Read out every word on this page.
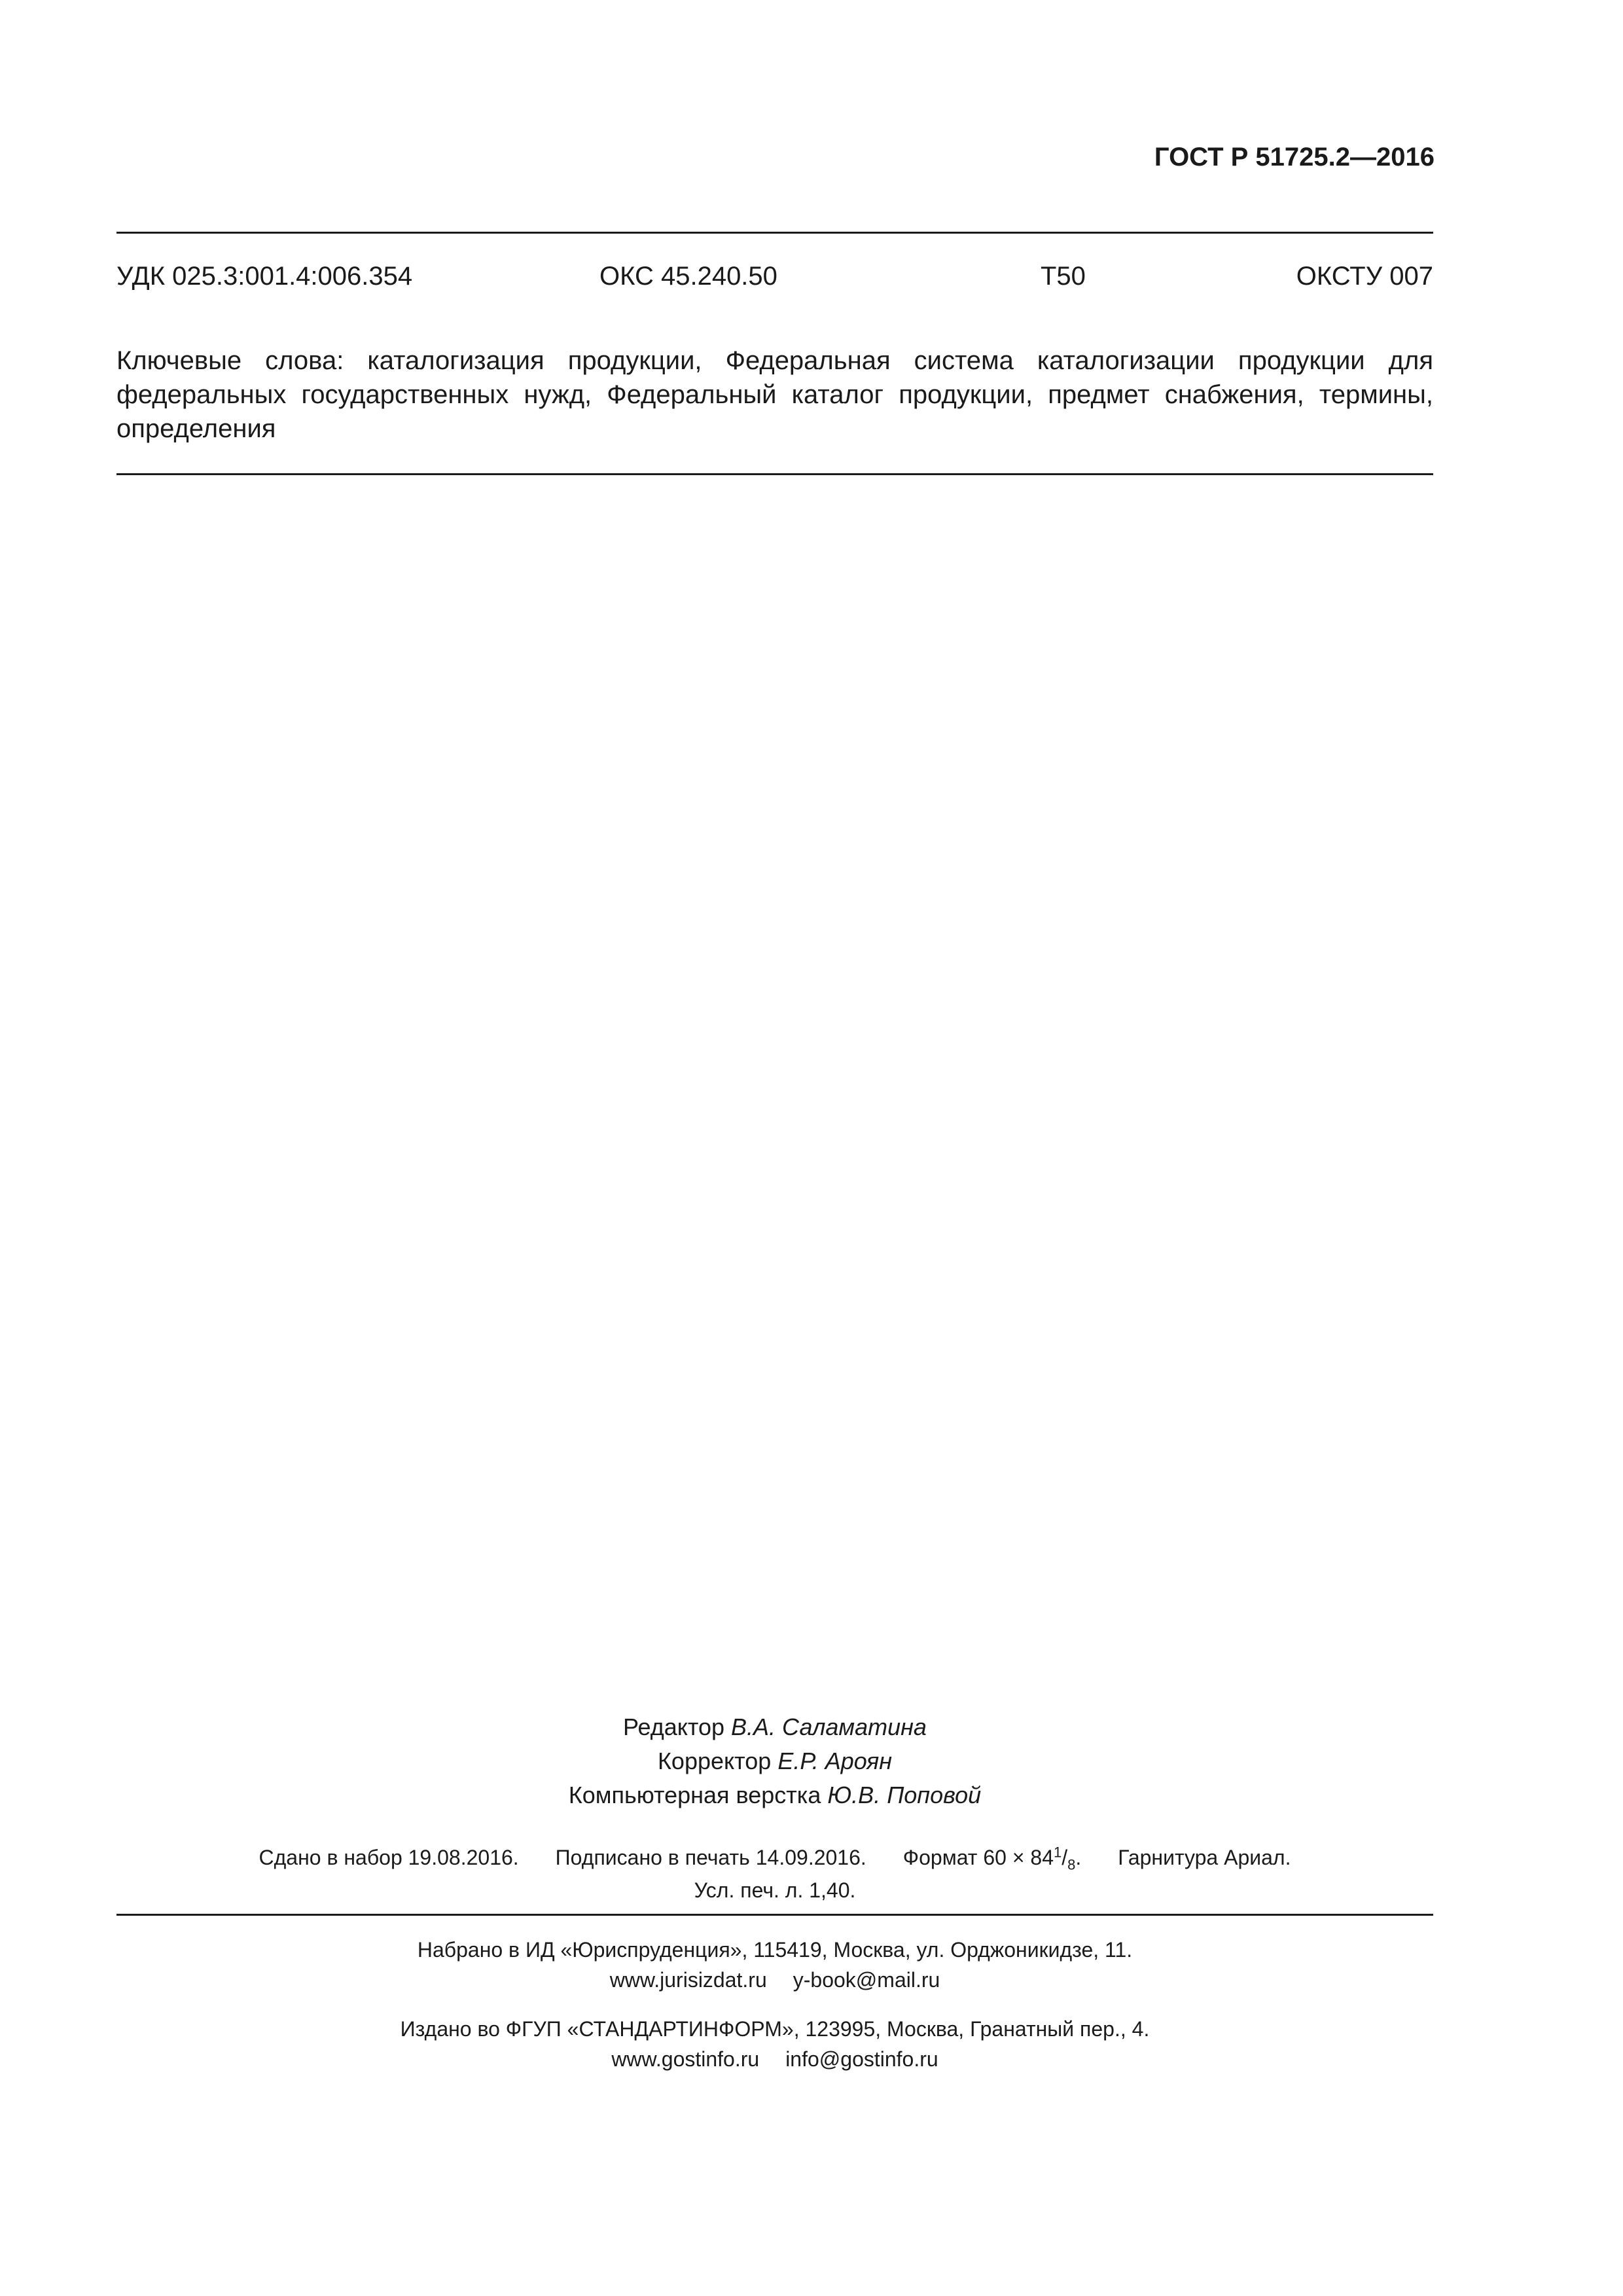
ГОСТ Р 51725.2—2016
УДК 025.3:001.4:006.354	ОКС 45.240.50	Т50	ОКСТУ 007
Ключевые слова: каталогизация продукции, Федеральная система каталогизации продукции для федеральных государственных нужд, Федеральный каталог продукции, предмет снабжения, термины, определения
Редактор В.А. Саламатина
Корректор Е.Р. Ароян
Компьютерная верстка Ю.В. Поповой
Сдано в набор 19.08.2016. Подписано в печать 14.09.2016. Формат $60 \times 84^1/_8$. Гарнитура Ариал.
Усл. печ. л. 1,40.
Набрано в ИД «Юриспруденция», 115419, Москва, ул. Орджоникидзе, 11.
www.jurisizdat.ru y-book@mail.ru
Издано во ФГУП «СТАНДАРТИНФОРМ», 123995, Москва, Гранатный пер., 4.
www.gostinfo.ru info@gostinfo.ru
